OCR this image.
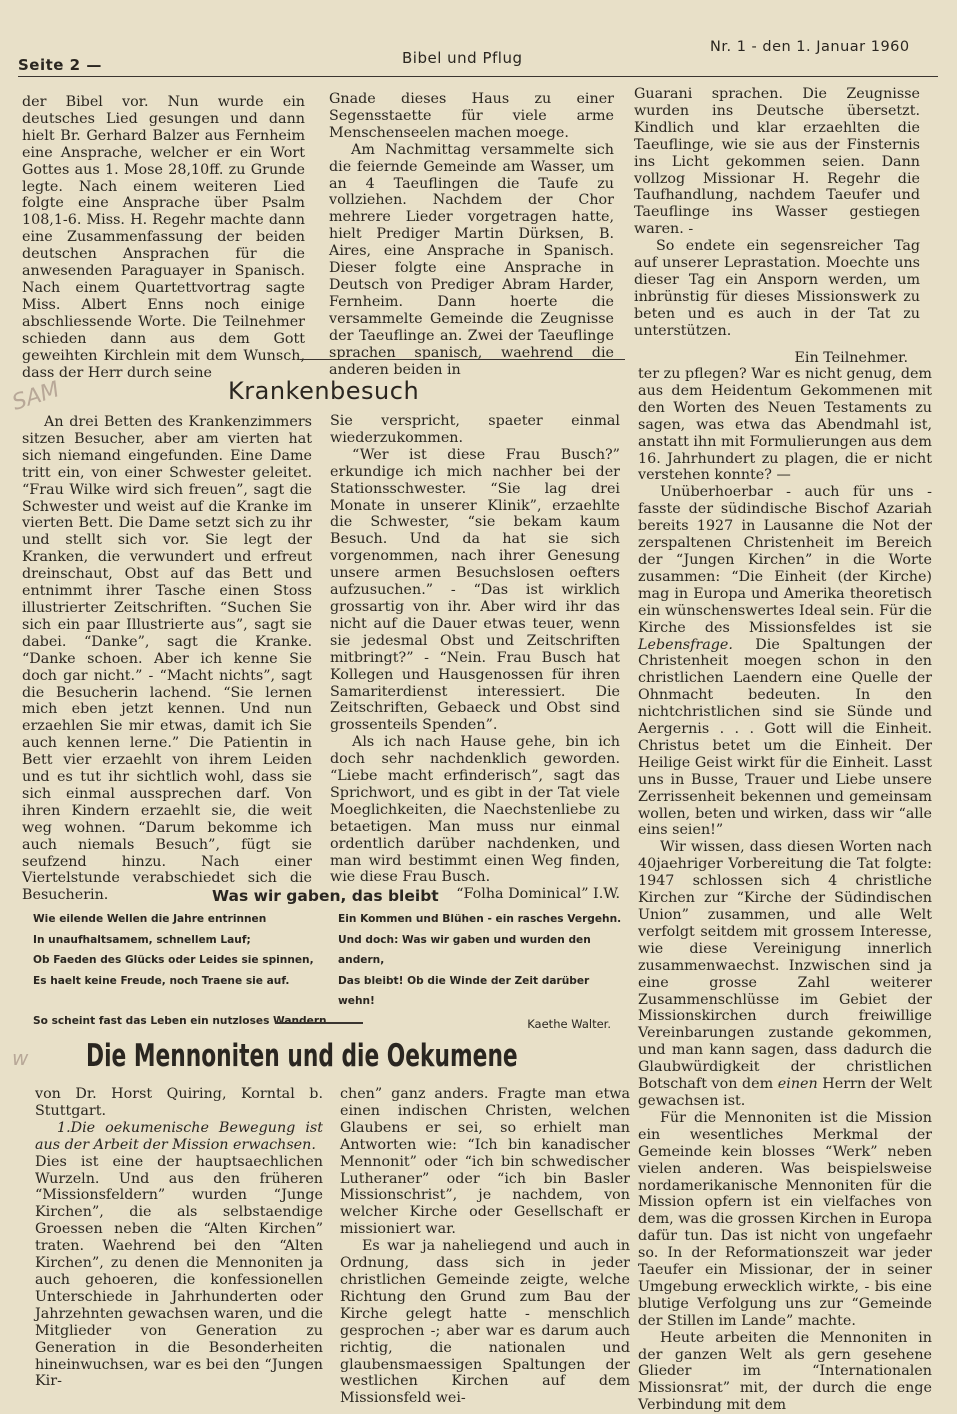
Seite 2 —	Bibel und Pflug
Nr. 1 - den 1. Januar 1960

der Bibel vor. Nun wurde ein deutsches Lied gesungen und dann hielt Br. Gerhard Balzer aus Fernheim eine Ansprache, welcher er ein Wort Gottes aus 1. Mose 28,10ff. zu Grunde legte. Nach einem weiteren Lied folgte eine Ansprache über Psalm 108,1-6. Miss. H. Regehr machte dann eine Zusammenfassung der beiden deutschen Ansprachen für die anwesenden Paraguayer in Spanisch. Nach einem Quartettvortrag sagte Miss. Albert Enns noch einige abschliessende Worte. Die Teilnehmer schieden dann aus dem Gott geweihten Kirchlein mit dem Wunsch, dass der Herr durch seine

Gnade dieses Haus zu einer Segensstaette für viele arme Menschenseelen machen moege.

Am Nachmittag versammelte sich die feiernde Gemeinde am Wasser, um an 4 Taeuflingen die Taufe zu vollziehen. Nachdem der Chor mehrere Lieder vorgetragen hatte, hielt Prediger Martin Dürksen, B. Aires, eine Ansprache in Spanisch. Dieser folgte eine Ansprache in Deutsch von Prediger Abram Harder, Fernheim. Dann hoerte die versammelte Gemeinde die Zeugnisse der Taeuflinge an. Zwei der Taeuflinge sprachen spanisch, waehrend die anderen beiden in

Guarani sprachen. Die Zeugnisse wurden ins Deutsche übersetzt. Kindlich und klar erzaehlten die Taeuflinge, wie sie aus der Finsternis ins Licht gekommen seien. Dann vollzog Missionar H. Regehr die Taufhandlung, nachdem Taeufer und Taeuflinge ins Wasser gestiegen waren. -

So endete ein segensreicher Tag auf unserer Leprastation. Moechte uns dieser Tag ein Ansporn werden, um inbrünstig für dieses Missionswerk zu beten und es auch in der Tat zu unterstützen.

Ein Teilnehmer.

SAM	Krankenbesuch

An drei Betten des Krankenzimmers sitzen Besucher, aber am vierten hat sich niemand eingefunden. Eine Dame tritt ein, von einer Schwester geleitet. “Frau Wilke wird sich freuen”, sagt die Schwester und weist auf die Kranke im vierten Bett. Die Dame setzt sich zu ihr und stellt sich vor. Sie legt der Kranken, die verwundert und erfreut dreinschaut, Obst auf das Bett und entnimmt ihrer Tasche einen Stoss illustrierter Zeitschriften. “Suchen Sie sich ein paar Illustrierte aus”, sagt sie dabei. “Danke”, sagt die Kranke. “Danke schoen. Aber ich kenne Sie doch gar nicht.” - “Macht nichts”, sagt die Besucherin lachend. “Sie lernen mich eben jetzt kennen. Und nun erzaehlen Sie mir etwas, damit ich Sie auch kennen lerne.” Die Patientin in Bett vier erzaehlt von ihrem Leiden und es tut ihr sichtlich wohl, dass sie sich einmal aussprechen darf. Von ihren Kindern erzaehlt sie, die weit weg wohnen. “Darum bekomme ich auch niemals Besuch”, fügt sie seufzend hinzu. Nach einer Viertelstunde verabschiedet sich die Besucherin.

Sie verspricht, spaeter einmal wiederzukommen.

“Wer ist diese Frau Busch?” erkundige ich mich nachher bei der Stationsschwester. “Sie lag drei Monate in unserer Klinik”, erzaehlte die Schwester, “sie bekam kaum Besuch. Und da hat sie sich vorgenommen, nach ihrer Genesung unsere armen Besuchslosen oefters aufzusuchen.” - “Das ist wirklich grossartig von ihr. Aber wird ihr das nicht auf die Dauer etwas teuer, wenn sie jedesmal Obst und Zeitschriften mitbringt?” - “Nein. Frau Busch hat Kollegen und Hausgenossen für ihren Samariterdienst interessiert. Die Zeitschriften, Gebaeck und Obst sind grossenteils Spenden”.

Als ich nach Hause gehe, bin ich doch sehr nachdenklich geworden. “Liebe macht erfinderisch”, sagt das Sprichwort, und es gibt in der Tat viele Moeglichkeiten, die Naechstenliebe zu betaetigen. Man muss nur einmal ordentlich darüber nachdenken, und man wird bestimmt einen Weg finden, wie diese Frau Busch.

“Folha Dominical” I.W.

ter zu pflegen? War es nicht genug, dem aus dem Heidentum Gekommenen mit den Worten des Neuen Testaments zu sagen, was etwa das Abendmahl ist, anstatt ihn mit Formulierungen aus dem 16. Jahrhundert zu plagen, die er nicht verstehen konnte? —

Unüberhoerbar - auch für uns - fasste der südindische Bischof Azariah bereits 1927 in Lausanne die Not der zerspaltenen Christenheit im Bereich der “Jungen Kirchen” in die Worte zusammen: “Die Einheit (der Kirche) mag in Europa und Amerika theoretisch ein wünschenswertes Ideal sein. Für die Kirche des Missionsfeldes ist sie Lebensfrage. Die Spaltungen der Christenheit moegen schon in den christlichen Laendern eine Quelle der Ohnmacht bedeuten. In den nichtchristlichen sind sie Sünde und Aergernis . . . Gott will die Einheit. Christus betet um die Einheit. Der Heilige Geist wirkt für die Einheit. Lasst uns in Busse, Trauer und Liebe unsere Zerrissenheit bekennen und gemeinsam wollen, beten und wirken, dass wir “alle eins seien!”

Wir wissen, dass diesen Worten nach 40jaehriger Vorbereitung die Tat folgte: 1947 schlossen sich 4 christliche Kirchen zur “Kirche der Südindischen Union” zusammen, und alle Welt verfolgt seitdem mit grossem Interesse, wie diese Vereinigung innerlich zusammenwaechst. Inzwischen sind ja eine grosse Zahl weiterer Zusammenschlüsse im Gebiet der Missionskirchen durch freiwillige Vereinbarungen zustande gekommen, und man kann sagen, dass dadurch die Glaubwürdigkeit der christlichen Botschaft von dem einen Herrn der Welt gewachsen ist.

Für die Mennoniten ist die Mission ein wesentliches Merkmal der Gemeinde kein blosses “Werk” neben vielen anderen. Was beispielsweise nordamerikanische Mennoniten für die Mission opfern ist ein vielfaches von dem, was die grossen Kirchen in Europa dafür tun. Das ist nicht von ungefaehr so. In der Reformationszeit war jeder Taeufer ein Missionar, der in seiner Umgebung erwecklich wirkte, - bis eine blutige Verfolgung uns zur “Gemeinde der Stillen im Lande” machte.

Heute arbeiten die Mennoniten in der ganzen Welt als gern gesehene Glieder im “Internationalen Missionsrat” mit, der durch die enge Verbindung mit dem

Was wir gaben, das bleibt
Wie eilende Wellen die Jahre entrinnen
In unaufhaltsamem, schnellem Lauf;
Ob Faeden des Glücks oder Leides sie spinnen,
Es haelt keine Freude, noch Traene sie auf.
So scheint fast das Leben ein nutzloses Wandern
Ein Kommen und Blühen - ein rasches Vergehn.
Und doch: Was wir gaben und wurden den andern,
Das bleibt! Ob die Winde der Zeit darüber wehn!
Kaethe Walter.
w Die Mennoniten und die Oekumene

von Dr. Horst Quiring, Korntal b. Stuttgart.

1.Die oekumenische Bewegung ist aus der Arbeit der Mission erwachsen.

Dies ist eine der hauptsaechlichen Wurzeln. Und aus den früheren “Missionsfeldern” wurden “Junge Kirchen”, die als selbstaendige Groessen neben die “Alten Kirchen” traten. Waehrend bei den “Alten Kirchen”, zu denen die Mennoniten ja auch gehoeren, die konfessionellen Unterschiede in Jahrhunderten oder Jahrzehnten gewachsen waren, und die Mitglieder von Generation zu Generation in die Besonderheiten hineinwuchsen, war es bei den “Jungen Kir-

chen” ganz anders. Fragte man etwa einen indischen Christen, welchen Glaubens er sei, so erhielt man Antworten wie: “Ich bin kanadischer Mennonit” oder “ich bin schwedischer Lutheraner” oder “ich bin Basler Missionschrist”, je nachdem, von welcher Kirche oder Gesellschaft er missioniert war.

Es war ja naheliegend und auch in Ordnung, dass sich in jeder christlichen Gemeinde zeigte, welche Richtung den Grund zum Bau der Kirche gelegt hatte - menschlich gesprochen -; aber war es darum auch richtig, die nationalen und glaubensmaessigen Spaltungen der westlichen Kirchen auf dem Missionsfeld wei-
